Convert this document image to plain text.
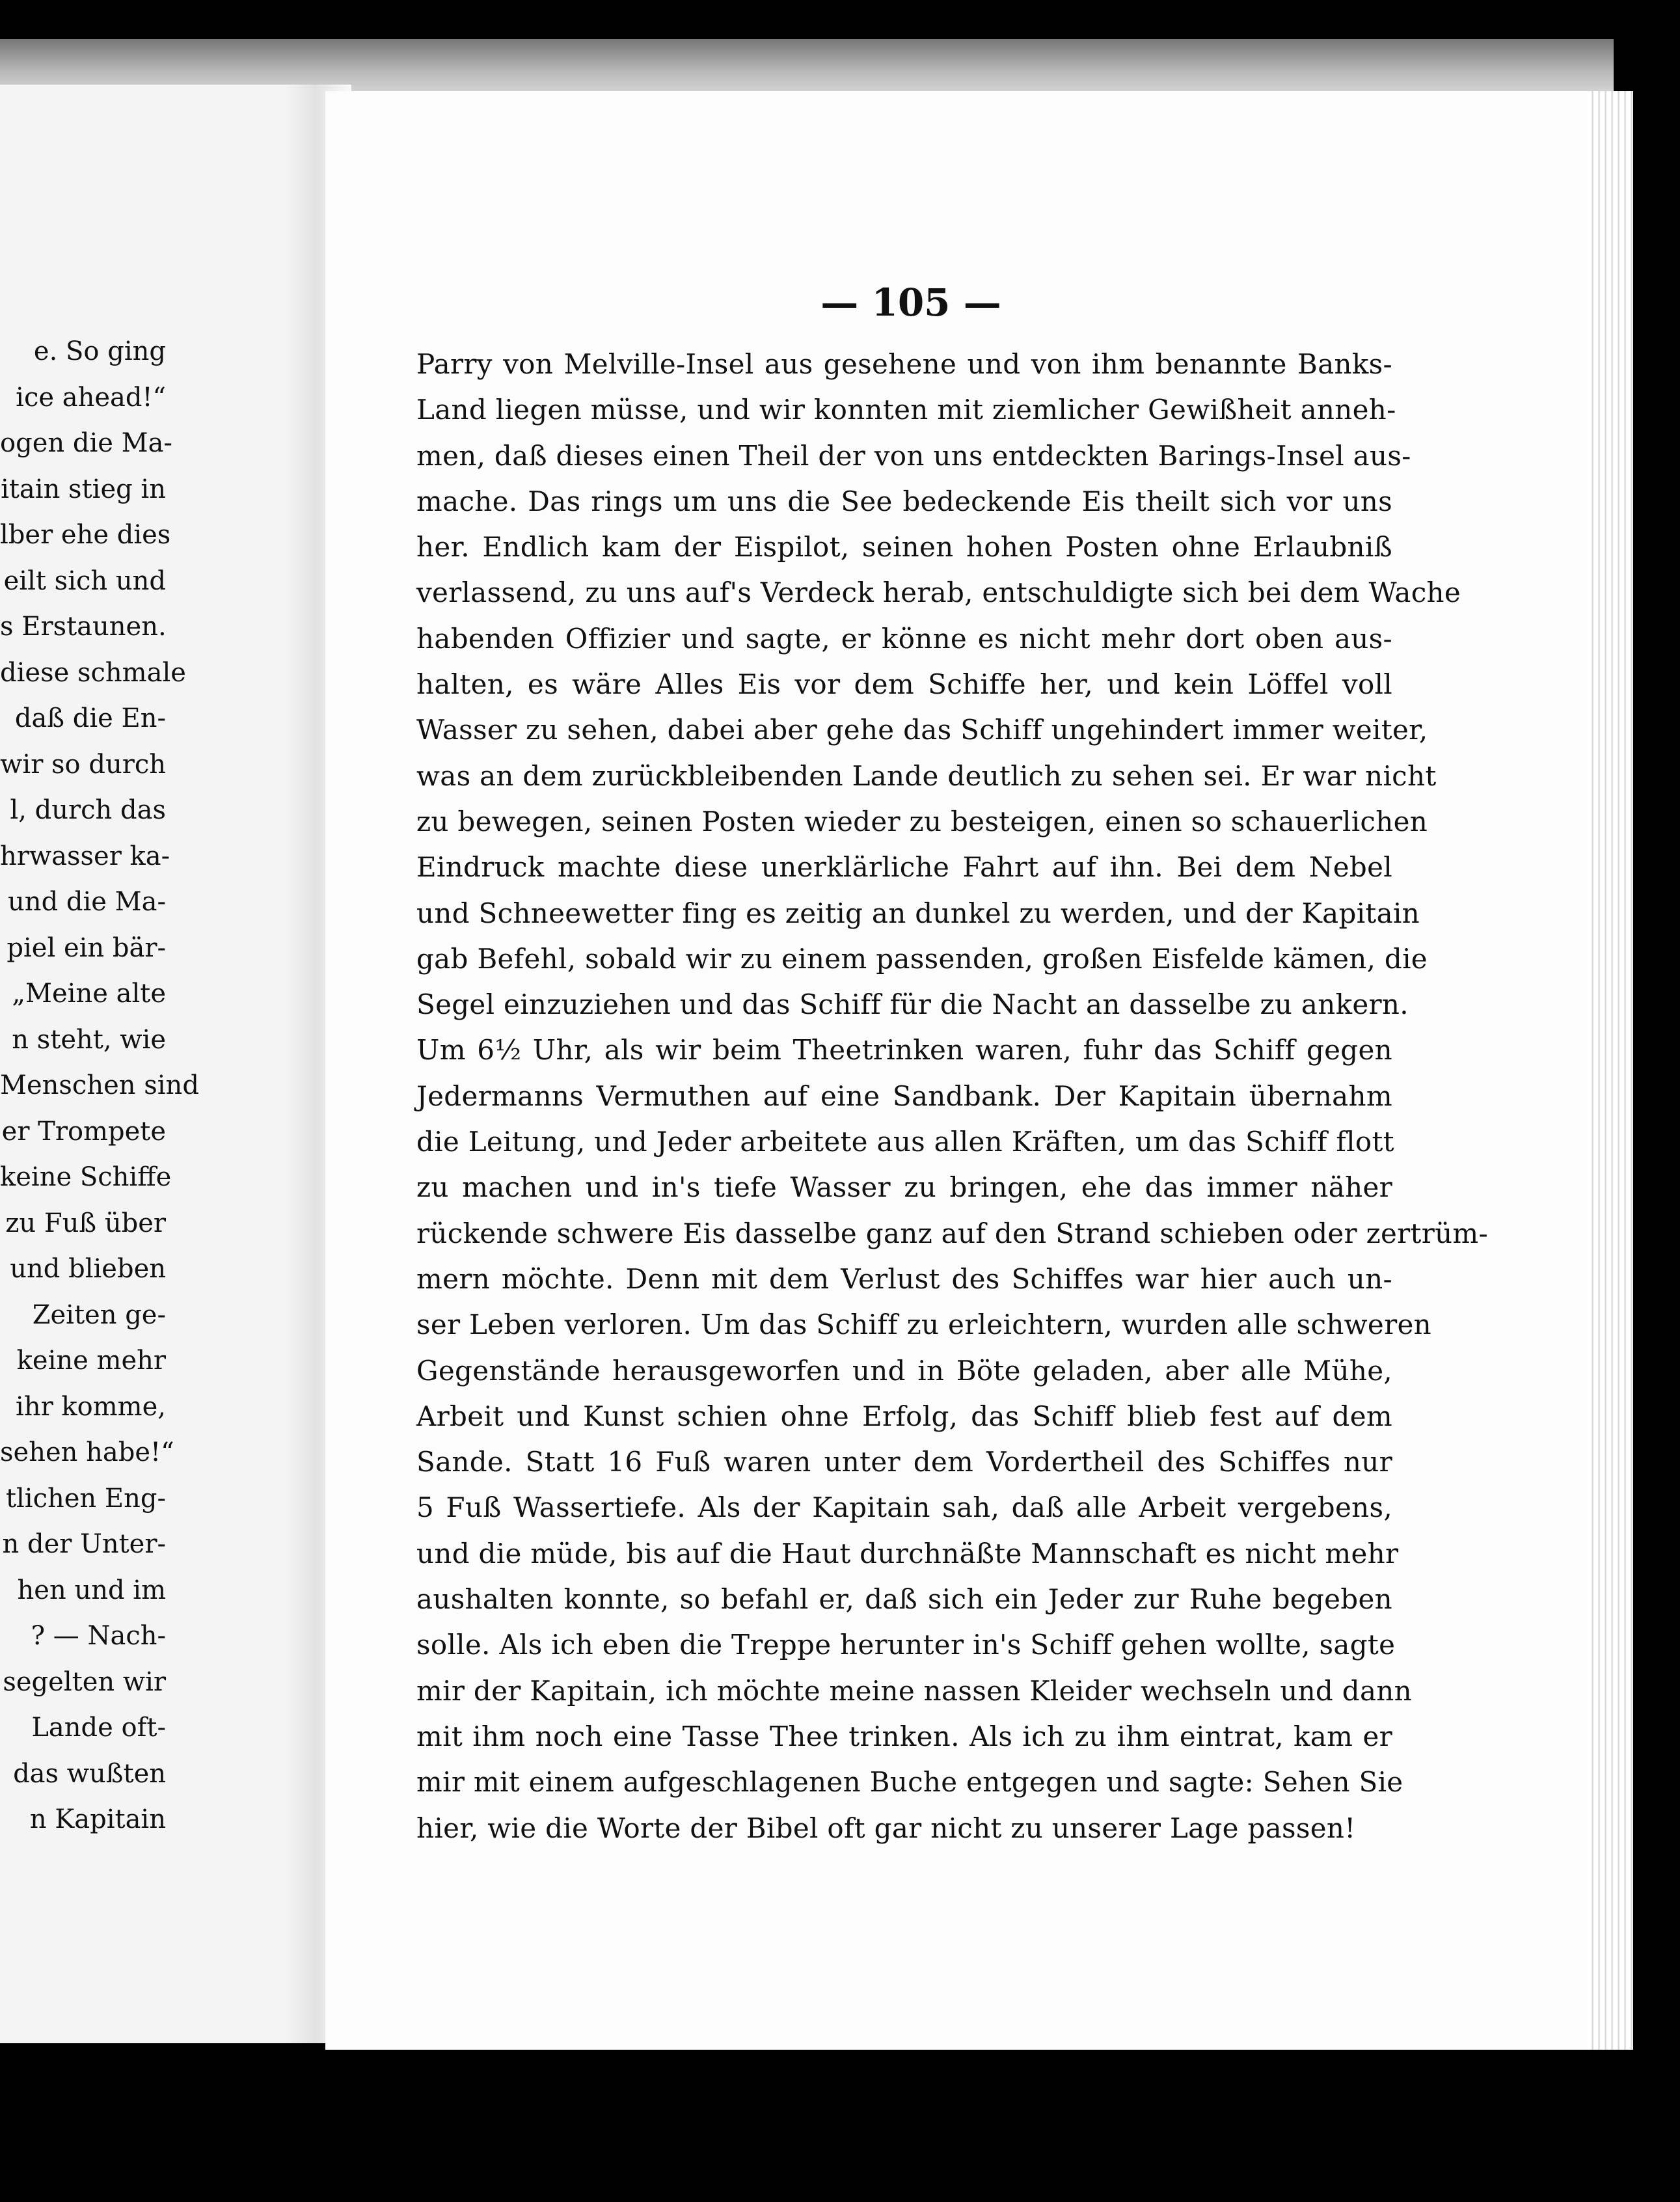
— 105 —
e. So ging
ice ahead!“
ogen die Ma-
itain stieg in
lber ehe dies
eilt sich und
s Erstaunen.
diese schmale
daß die En-
wir so durch
l, durch das
hrwasser ka-
und die Ma-
piel ein bär-
„Meine alte
n steht, wie
Menschen sind
er Trompete
keine Schiffe
zu Fuß über
und blieben
Zeiten ge-
keine mehr
ihr komme,
sehen habe!“
tlichen Eng-
n der Unter-
hen und im
? — Nach-
segelten wir
Lande oft-
das wußten
n Kapitain
Parry von Melville-Insel aus gesehene und von ihm benannte Banks-
Land liegen müsse, und wir konnten mit ziemlicher Gewißheit anneh-
men, daß dieses einen Theil der von uns entdeckten Barings-Insel aus-
mache. Das rings um uns die See bedeckende Eis theilt sich vor uns
her. Endlich kam der Eispilot, seinen hohen Posten ohne Erlaubniß
verlassend, zu uns auf's Verdeck herab, entschuldigte sich bei dem Wache
habenden Offizier und sagte, er könne es nicht mehr dort oben aus-
halten, es wäre Alles Eis vor dem Schiffe her, und kein Löffel voll
Wasser zu sehen, dabei aber gehe das Schiff ungehindert immer weiter,
was an dem zurückbleibenden Lande deutlich zu sehen sei. Er war nicht
zu bewegen, seinen Posten wieder zu besteigen, einen so schauerlichen
Eindruck machte diese unerklärliche Fahrt auf ihn. Bei dem Nebel
und Schneewetter fing es zeitig an dunkel zu werden, und der Kapitain
gab Befehl, sobald wir zu einem passenden, großen Eisfelde kämen, die
Segel einzuziehen und das Schiff für die Nacht an dasselbe zu ankern.
Um 6½ Uhr, als wir beim Theetrinken waren, fuhr das Schiff gegen
Jedermanns Vermuthen auf eine Sandbank. Der Kapitain übernahm
die Leitung, und Jeder arbeitete aus allen Kräften, um das Schiff flott
zu machen und in's tiefe Wasser zu bringen, ehe das immer näher
rückende schwere Eis dasselbe ganz auf den Strand schieben oder zertrüm-
mern möchte. Denn mit dem Verlust des Schiffes war hier auch un-
ser Leben verloren. Um das Schiff zu erleichtern, wurden alle schweren
Gegenstände herausgeworfen und in Böte geladen, aber alle Mühe,
Arbeit und Kunst schien ohne Erfolg, das Schiff blieb fest auf dem
Sande. Statt 16 Fuß waren unter dem Vordertheil des Schiffes nur
5 Fuß Wassertiefe. Als der Kapitain sah, daß alle Arbeit vergebens,
und die müde, bis auf die Haut durchnäßte Mannschaft es nicht mehr
aushalten konnte, so befahl er, daß sich ein Jeder zur Ruhe begeben
solle. Als ich eben die Treppe herunter in's Schiff gehen wollte, sagte
mir der Kapitain, ich möchte meine nassen Kleider wechseln und dann
mit ihm noch eine Tasse Thee trinken. Als ich zu ihm eintrat, kam er
mir mit einem aufgeschlagenen Buche entgegen und sagte: Sehen Sie
hier, wie die Worte der Bibel oft gar nicht zu unserer Lage passen!
